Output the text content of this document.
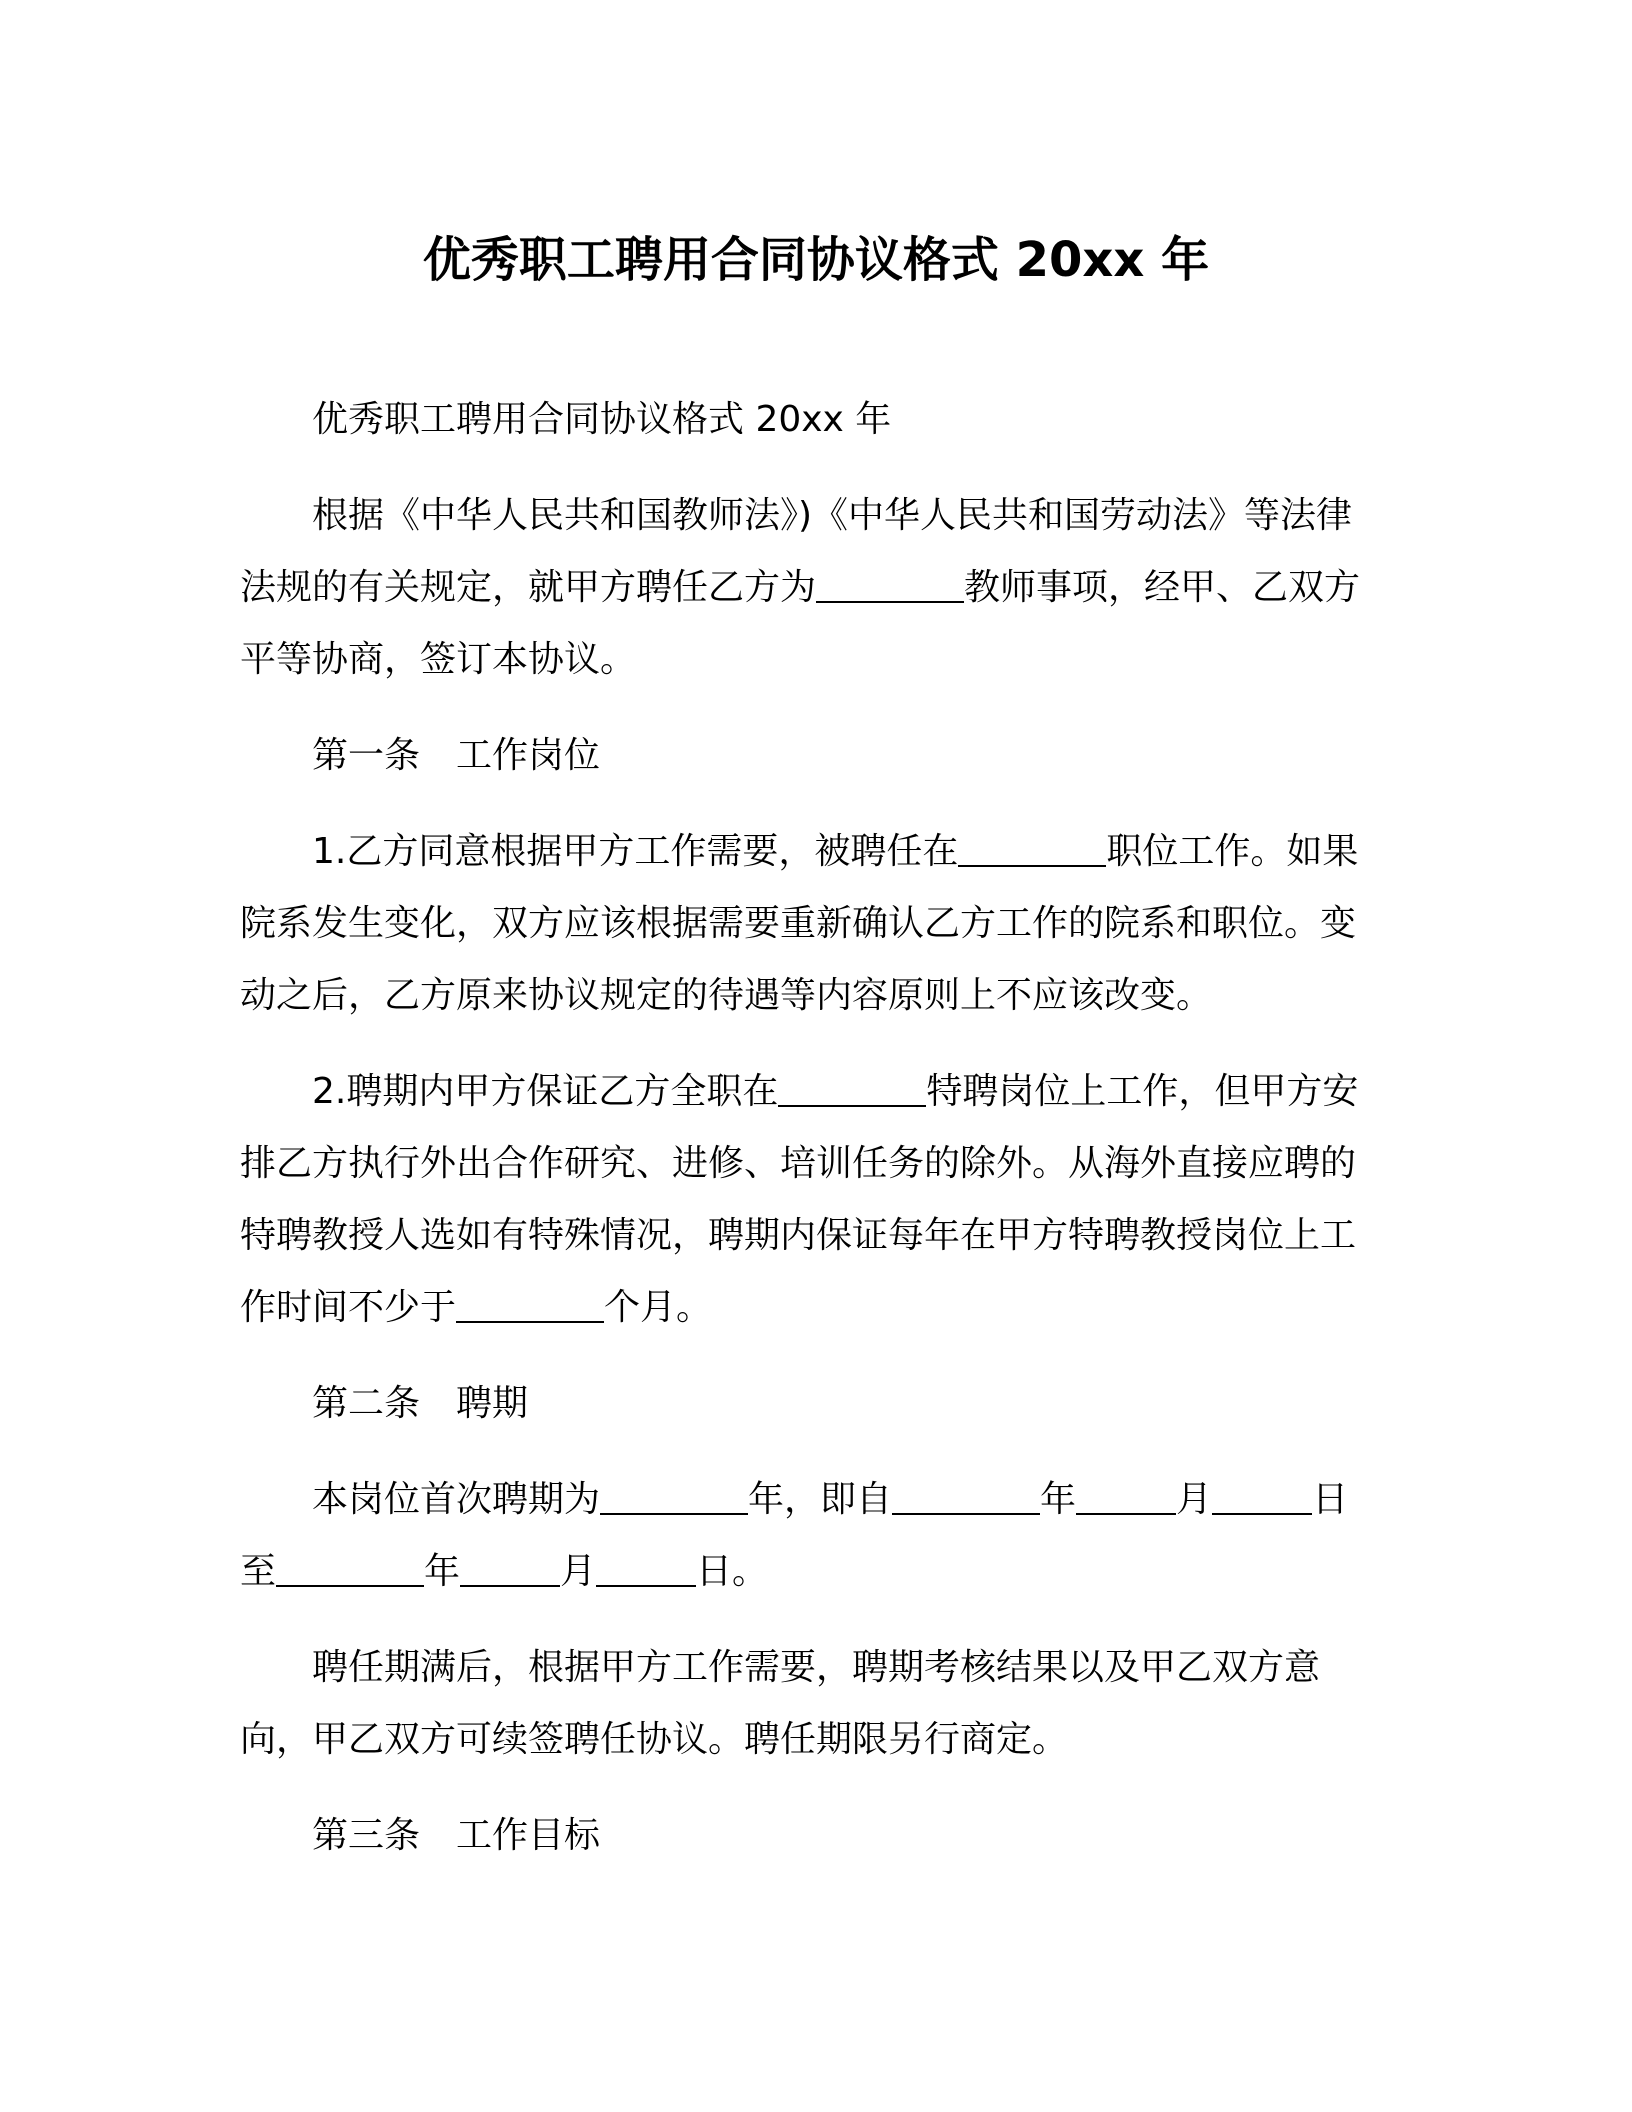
优秀职工聘用合同协议格式 20xx 年

优秀职工聘用合同协议格式 20xx 年

根据《中华人民共和国教师法》)《中华人民共和国劳动法》等法律法规的有关规定，就甲方聘任乙方为	教师事项，经甲、乙双方平等协商，签订本协议。

第一条　工作岗位

1.乙方同意根据甲方工作需要，被聘任在	职位工作。如果院系发生变化，双方应该根据需要重新确认乙方工作的院系和职位。变动之后，乙方原来协议规定的待遇等内容原则上不应该改变。

2.聘期内甲方保证乙方全职在	特聘岗位上工作，但甲方安排乙方执行外出合作研究、进修、培训任务的除外。从海外直接应聘的特聘教授人选如有特殊情况，聘期内保证每年在甲方特聘教授岗位上工作时间不少于	个月。

第二条　聘期

本岗位首次聘期为	年，即自	年	月	日至	年	月	日。

聘任期满后，根据甲方工作需要，聘期考核结果以及甲乙双方意向，甲乙双方可续签聘任协议。聘任期限另行商定。

第三条　工作目标
